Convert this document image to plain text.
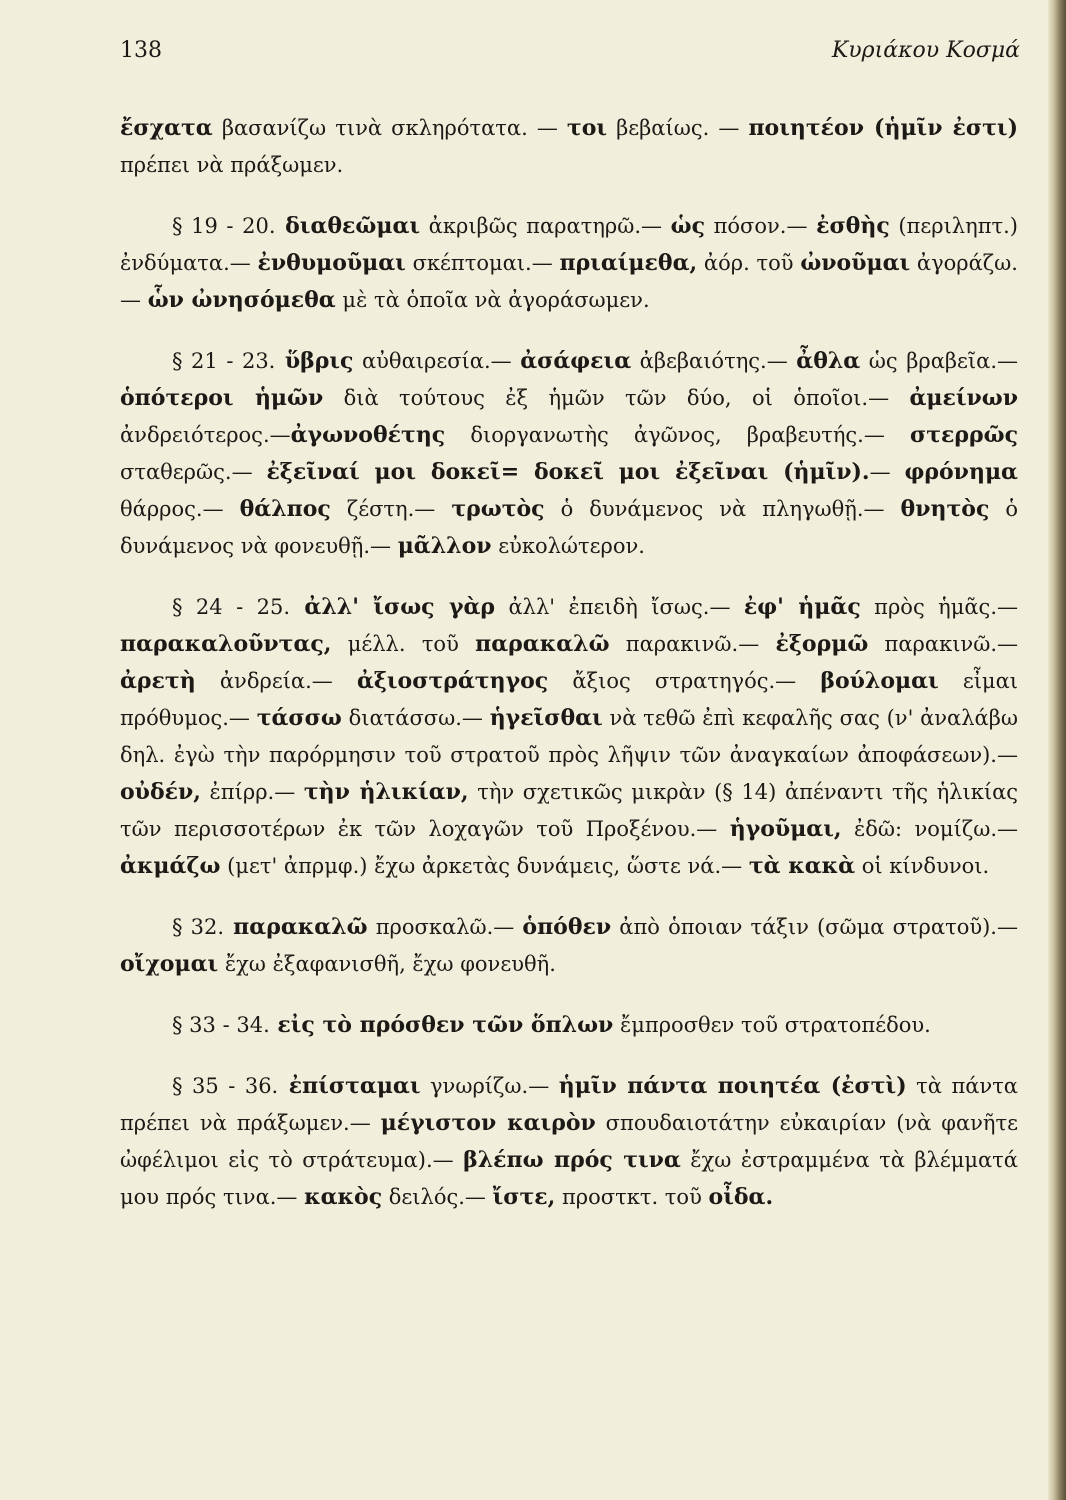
138	Κυριάκου Κοσμά

ἔσχατα βασανίζω τινὰ σκληρότατα. — τοι βεβαίως. — ποιητέον (ἡμῖν ἐστι) πρέπει νὰ πράξωμεν.

§ 19 - 20. διαθεῶμαι ἀκριβῶς παρατηρῶ.— ὡς πόσον.— ἐσθὴς (περιληπτ.) ἐνδύματα.— ἐνθυμοῦμαι σκέπτομαι.— πριαίμεθα, ἀόρ. τοῦ ὠνοῦμαι ἀγοράζω.— ὧν ὠνησόμεθα μὲ τὰ ὁποῖα νὰ ἀγοράσωμεν.

§ 21 - 23. ὕβρις αὐθαιρεσία.— ἀσάφεια ἀβεβαιότης.— ἆθλα ὡς βραβεῖα.— ὁπότεροι ἡμῶν διὰ τούτους ἐξ ἡμῶν τῶν δύο, οἱ ὁποῖοι.— ἀμείνων ἀνδρειότερος.—ἀγωνοθέτης διοργανωτὴς ἀγῶνος, βραβευτής.— στερρῶς σταθερῶς.— ἐξεῖναί μοι δοκεῖ= δοκεῖ μοι ἐξεῖναι (ἡμῖν).— φρόνημα θάρρος.— θάλπος ζέστη.— τρωτὸς ὁ δυνάμενος νὰ πληγωθῇ.— θνητὸς ὁ δυνάμενος νὰ φονευθῇ.— μᾶλλον εὐκολώτερον.

§ 24 - 25. ἀλλ' ἴσως γὰρ ἀλλ' ἐπειδὴ ἴσως.— ἐφ' ἡμᾶς πρὸς ἡμᾶς.— παρακαλοῦντας, μέλλ. τοῦ παρακαλῶ παρακινῶ.— ἐξορμῶ παρακινῶ.— ἀρετὴ ἀνδρεία.— ἀξιοστράτηγος ἄξιος στρατηγός.— βούλομαι εἶμαι πρόθυμος.— τάσσω διατάσσω.— ἡγεῖσθαι νὰ τεθῶ ἐπὶ κεφαλῆς σας (ν' ἀναλάβω δηλ. ἐγὼ τὴν παρόρμησιν τοῦ στρατοῦ πρὸς λῆψιν τῶν ἀναγκαίων ἀποφάσεων).— οὐδέν, ἐπίρρ.— τὴν ἡλικίαν, τὴν σχετικῶς μικρὰν (§ 14) ἀπέναντι τῆς ἡλικίας τῶν περισσοτέρων ἐκ τῶν λοχαγῶν τοῦ Προξένου.— ἡγοῦμαι, ἐδῶ: νομίζω.— ἀκμάζω (μετ' ἀπρμφ.) ἔχω ἀρκετὰς δυνάμεις, ὥστε νά.— τὰ κακὰ οἱ κίνδυνοι.

§ 32. παρακαλῶ προσκαλῶ.— ὁπόθεν ἀπὸ ὁποιαν τάξιν (σῶμα στρατοῦ).— οἴχομαι ἔχω ἐξαφανισθῆ, ἔχω φονευθῆ.

§ 33 - 34. εἰς τὸ πρόσθεν τῶν ὅπλων ἔμπροσθεν τοῦ στρατοπέδου.

§ 35 - 36. ἐπίσταμαι γνωρίζω.— ἡμῖν πάντα ποιητέα (ἐστὶ) τὰ πάντα πρέπει νὰ πράξωμεν.— μέγιστον καιρὸν σπουδαιοτάτην εὐκαιρίαν (νὰ φανῆτε ὠφέλιμοι εἰς τὸ στράτευμα).— βλέπω πρός τινα ἔχω ἐστραμμένα τὰ βλέμματά μου πρός τινα.— κακὸς δειλός.— ἴστε, προστκτ. τοῦ οἶδα.
